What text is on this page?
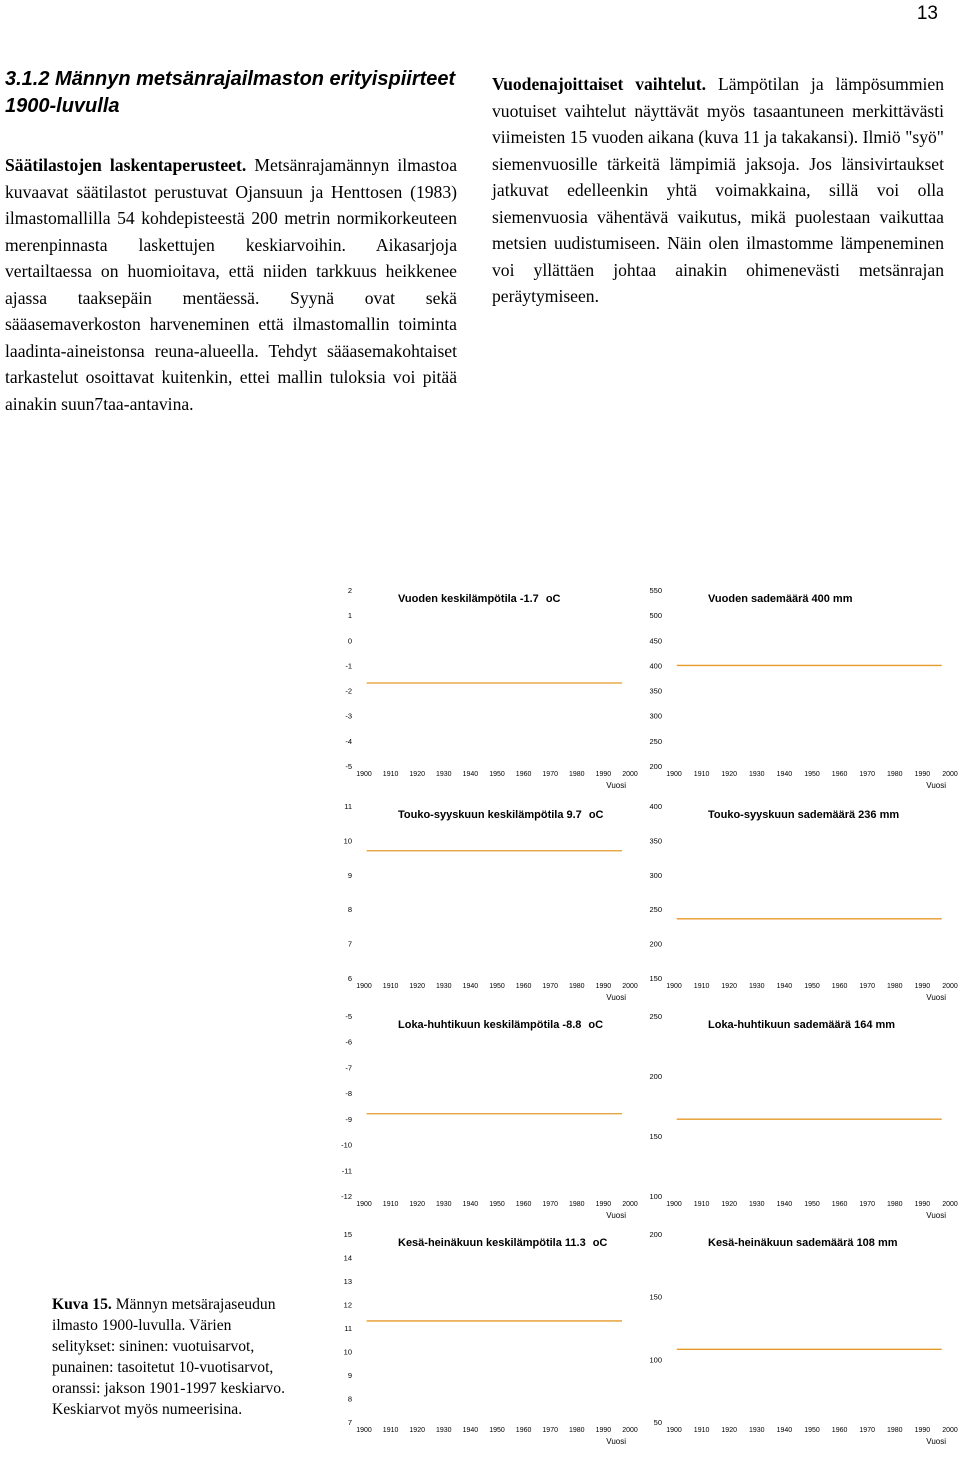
13
3.1.2 Männyn metsänrajailmaston erityispiirteet 1900-luvulla

Säätilastojen laskentaperusteet. Metsänrajamännyn ilmastoa kuvaavat säätilastot perustuvat Ojansuun ja Henttosen (1983) ilmastomallilla 54 kohdepisteestä 200 metrin normikorkeuteen merenpinnasta laskettujen keskiarvoihin. Aikasarjoja vertailtaessa on huomioitava, että niiden tarkkuus heikkenee ajassa taaksepäin mentäessä. Syynä ovat sekä sääasemaverkoston harveneminen että ilmastomallin toiminta laadinta-aineistonsa reuna-alueella. Tehdyt sääasemakohtaiset tarkastelut osoittavat kuitenkin, ettei mallin tuloksia voi pitää ainakin suun7taa-antavina.

Vuodenajoittaiset vaihtelut. Lämpötilan ja lämpösummien vuotuiset vaihtelut näyttävät myös tasaantuneen merkittävästi viimeisten 15 vuoden aikana (kuva 11 ja takakansi). Ilmiö "syö" siemenvuosille tärkeitä lämpimiä jaksoja. Jos länsivirtaukset jatkuvat edelleenkin yhtä voimakkaina, sillä voi olla siemenvuosia vähentävä vaikutus, mikä puolestaan vaikuttaa metsien uudistumiseen. Näin olen ilmastomme lämpeneminen voi yllättäen johtaa ainakin ohimenevästi metsänrajan peräytymiseen.

Kuva 15. Männyn metsärajaseudun ilmasto 1900-luvulla. Värien selitykset: sininen: vuotuisarvot, punainen: tasoitetut 10-vuotisarvot, oranssi: jakson 1901-1997 keskiarvo. Keskiarvot myös numeerisina.
2
1
0
-1
-2
-3
-4
-5
1900 1910 1920 1930 1940 1950 1960 1970 1980 1990 2000
Vuosi
Vuoden keskilämpötila -1.7 oC
550
500
450
400
350
300
250
200
1900 1910 1920 1930 1940 1950 1960 1970 1980 1990 2000
Vuosi
Vuoden sademäärä 400 mm
11
10
9
8
7
6
1900 1910 1920 1930 1940 1950 1960 1970 1980 1990 2000
Vuosi
Touko-syyskuun keskilämpötila 9.7 oC
400
350
300
250
200
150
1900 1910 1920 1930 1940 1950 1960 1970 1980 1990 2000
Vuosi
Touko-syyskuun sademäärä 236 mm
-5
-6
-7
-8
-9
-10
-11
-12
1900 1910 1920 1930 1940 1950 1960 1970 1980 1990 2000
Vuosi
Loka-huhtikuun keskilämpötila -8.8 oC
250
200
150
100
1900 1910 1920 1930 1940 1950 1960 1970 1980 1990 2000
Vuosi
Loka-huhtikuun sademäärä 164 mm
15
14
13
12
11
10
9
8
7
1900 1910 1920 1930 1940 1950 1960 1970 1980 1990 2000
Vuosi
Kesä-heinäkuun keskilämpötila 11.3 oC
200
150
100
50
1900 1910 1920 1930 1940 1950 1960 1970 1980 1990 2000
Vuosi
Kesä-heinäkuun sademäärä 108 mm
